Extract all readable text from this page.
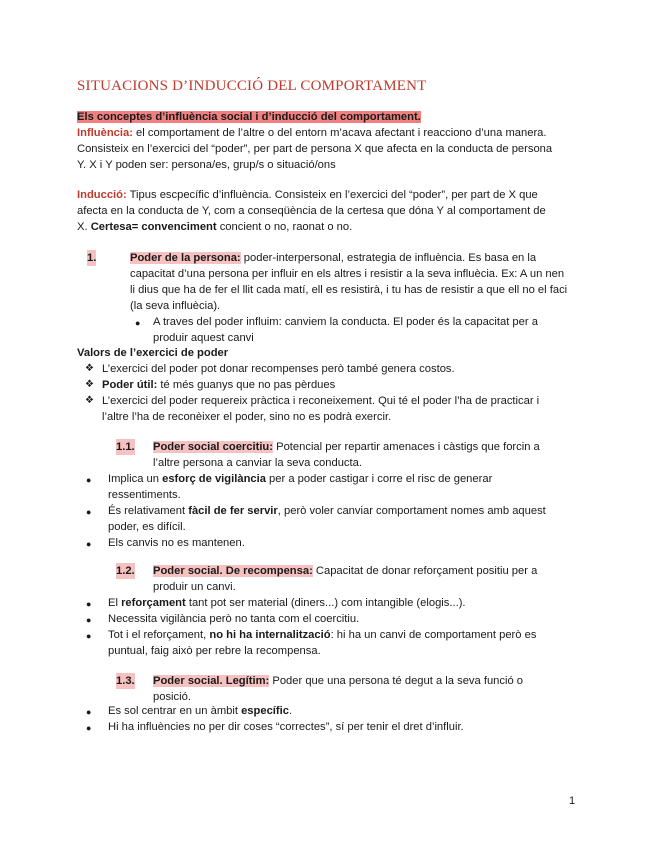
SITUACIONS D’INDUCCIÓ DEL COMPORTAMENT
Els conceptes d’influència social i d’inducció del comportament.
Influència: el comportament de l’altre o del entorn m’acava afectant i reacciono d’una manera.
Consisteix en l’exercici del “poder”, per part de persona X que afecta en la conducta de persona
Y. X i Y poden ser: persona/es, grup/s o situació/ons
Inducció: Tipus escpecífic d’influència. Consisteix en l’exercici del “poder”, per part de X que
afecta en la conducta de Y, com a conseqüència de la certesa que dóna Y al comportament de
X. Certesa= convenciment concient o no, raonat o no.
1.	Poder de la persona: poder-interpersonal, estrategia de influència. Es basa en la
capacitat d’una persona per influir en els altres i resistir a la seva influècia. Ex: A un nen
li dius que ha de fer el llit cada matí, ell es resistirà, i tu has de resistir a que ell no el faci
(la seva influècia).
● A traves del poder influim: canviem la conducta. El poder és la capacitat per a
produir aquest canvi
Valors de l’exercici de poder
❖ L’exercici del poder pot donar recompenses però també genera costos.
❖ Poder útil: té més guanys que no pas pèrdues
❖ L’exercici del poder requereix pràctica i reconeixement. Qui té el poder l’ha de practicar i
l’altre l’ha de reconèixer el poder, sino no es podrà exercir.
1.1. Poder social coercitiu: Potencial per repartir amenaces i càstigs que forcin a
l’altre persona a canviar la seva conducta.
● Implica un esforç de vigilància per a poder castigar i corre el risc de generar
ressentiments.
● És relativament fàcil de fer servir, però voler canviar comportament nomes amb aquest
poder, es difícil.
● Els canvis no es mantenen.
1.2. Poder social. De recompensa: Capacitat de donar reforçament positiu per a
produir un canvi.
● El reforçament tant pot ser material (diners...) com intangible (elogis...).
● Necessita vigilància però no tanta com el coercitiu.
● Tot i el reforçament, no hi ha internalització: hi ha un canvi de comportament però es
puntual, faig això per rebre la recompensa.
1.3. Poder social. Legítim: Poder que una persona té degut a la seva funció o
posició.
● Es sol centrar en un àmbit específic.
● Hi ha influències no per dir coses “correctes”, sí per tenir el dret d’influir.
1
